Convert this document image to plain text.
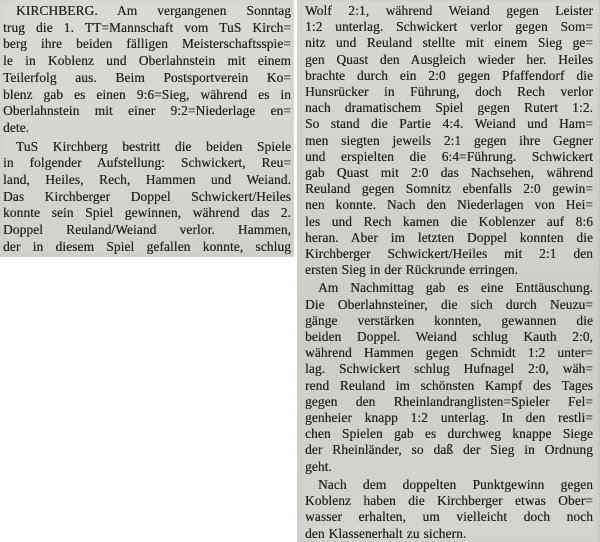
KIRCHBERG. Am vergangenen Sonntag
trug die 1. TT=Mannschaft vom TuS Kirch=
berg ihre beiden fälligen Meisterschaftsspie=
le in Koblenz und Oberlahnstein mit einem
Teilerfolg aus. Beim Postsportverein Ko=
blenz gab es einen 9:6=Sieg, während es in
Oberlahnstein mit einer 9:2=Niederlage en=
dete.
TuS Kirchberg bestritt die beiden Spiele
in folgender Aufstellung: Schwickert, Reu=
land, Heiles, Rech, Hammen und Weiand.
Das Kirchberger Doppel Schwickert/Heiles
konnte sein Spiel gewinnen, während das 2.
Doppel Reuland/Weiand verlor. Hammen,
der in diesem Spiel gefallen konnte, schlug
Wolf 2:1, während Weiand gegen Leister
1:2 unterlag. Schwickert verlor gegen Som=
nitz und Reuland stellte mit einem Sieg ge=
gen Quast den Ausgleich wieder her. Heiles
brachte durch ein 2:0 gegen Pfaffendorf die
Hunsrücker in Führung, doch Rech verlor
nach dramatischem Spiel gegen Rutert 1:2.
So stand die Partie 4:4. Weiand und Ham=
men siegten jeweils 2:1 gegen ihre Gegner
und erspielten die 6:4=Führung. Schwickert
gab Quast mit 2:0 das Nachsehen, während
Reuland gegen Somnitz ebenfalls 2:0 gewin=
nen konnte. Nach den Niederlagen von Hei=
les und Rech kamen die Koblenzer auf 8:6
heran. Aber im letzten Doppel konnten die
Kirchberger Schwickert/Heiles mit 2:1 den
ersten Sieg in der Rückrunde erringen.
Am Nachmittag gab es eine Enttäuschung.
Die Oberlahnsteiner, die sich durch Neuzu=
gänge verstärken konnten, gewannen die
beiden Doppel. Weiand schlug Kauth 2:0,
während Hammen gegen Schmidt 1:2 unter=
lag. Schwickert schlug Hufnagel 2:0, wäh=
rend Reuland im schönsten Kampf des Tages
gegen den Rheinlandranglisten=Spieler Fel=
genheier knapp 1:2 unterlag. In den restli=
chen Spielen gab es durchweg knappe Siege
der Rheinländer, so daß der Sieg in Ordnung
geht.
Nach dem doppelten Punktgewinn gegen
Koblenz haben die Kirchberger etwas Ober=
wasser erhalten, um vielleicht doch noch
den Klassenerhalt zu sichern.
